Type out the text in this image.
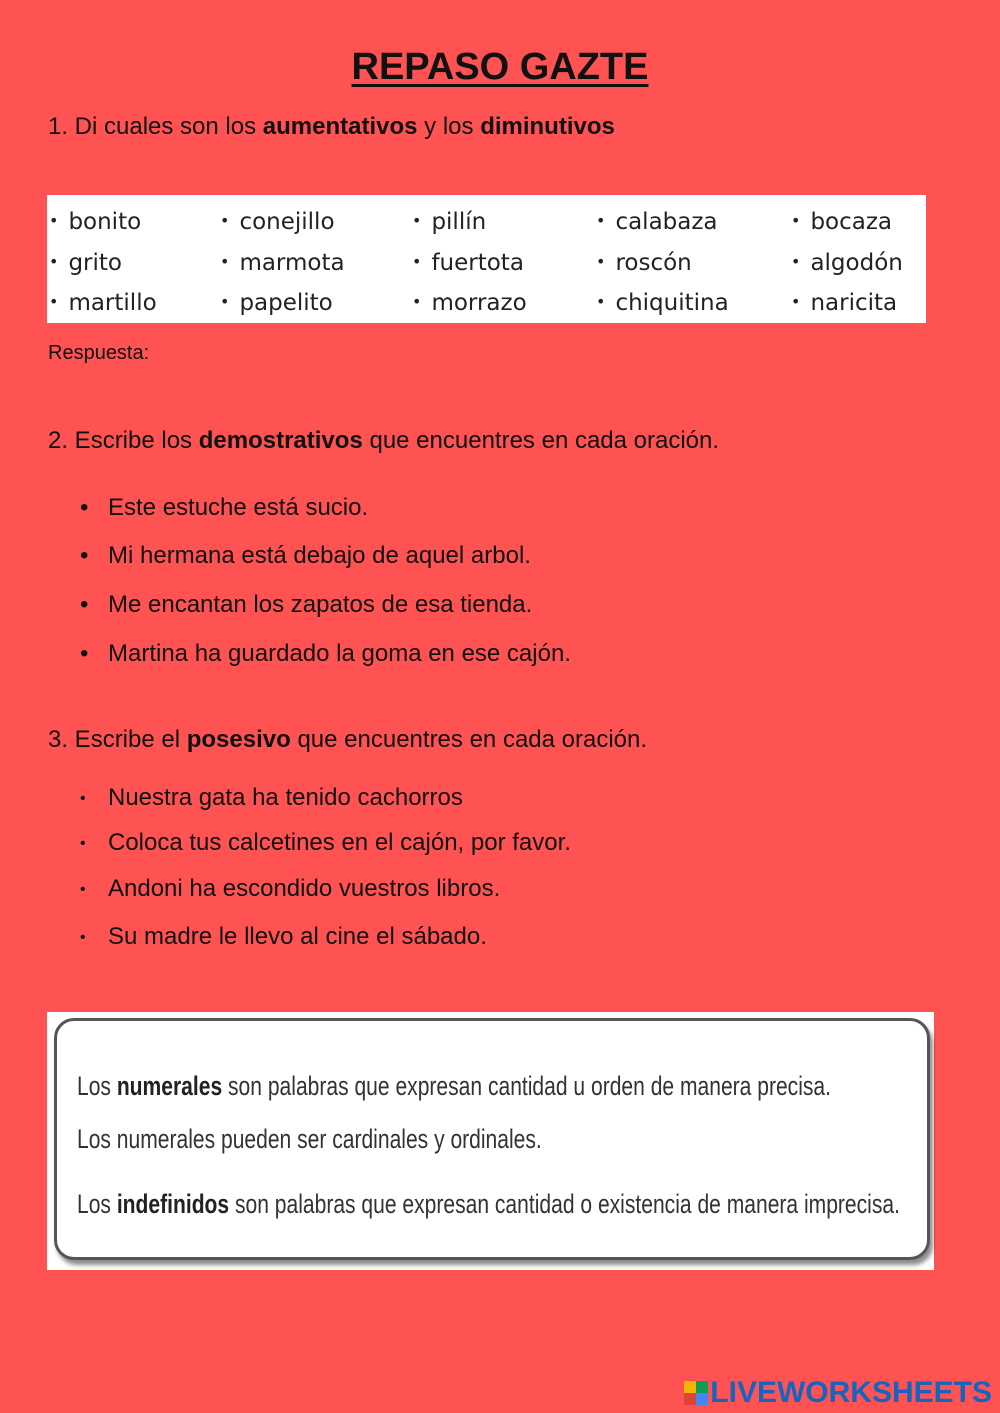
REPASO GAZTE
1. Di cuales son los aumentativos y los diminutivos
• bonito
• grito
• martillo
• conejillo
• marmota
• papelito
• pillín
• fuertota
• morrazo
• calabaza
• roscón
• chiquitina
• bocaza
• algodón
• naricita
Respuesta:
2. Escribe los demostrativos que encuentres en cada oración.
• Este estuche está sucio.
• Mi hermana está debajo de aquel arbol.
• Me encantan los zapatos de esa tienda.
• Martina ha guardado la goma en ese cajón.
3. Escribe el posesivo que encuentres en cada oración.
• Nuestra gata ha tenido cachorros
• Coloca tus calcetines en el cajón, por favor.
• Andoni ha escondido vuestros libros.
• Su madre le llevo al cine el sábado.
Los numerales son palabras que expresan cantidad u orden de manera precisa.
Los numerales pueden ser cardinales y ordinales.
Los indefinidos son palabras que expresan cantidad o existencia de manera imprecisa.
LIVEWORKSHEETS
